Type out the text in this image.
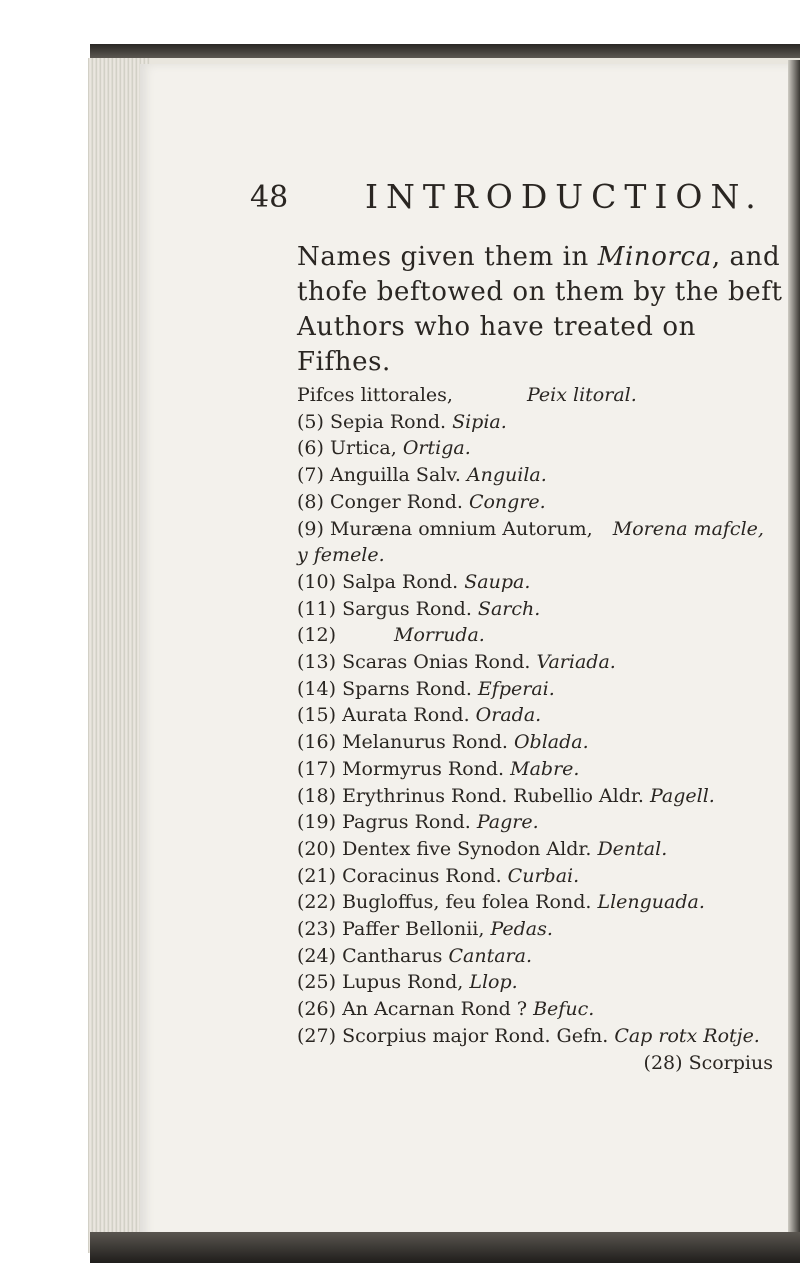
48 INTRODUCTION.
Names given them in Minorca, and thofe beftowed on them by the beft Authors who have treated on Fifhes.
Pifces littorales,	Peix litoral.
(5) Sepia Rond. Sipia.
(6) Urtica, Ortiga.
(7) Anguilla Salv. Anguila.
(8) Conger Rond. Congre.
(9) Muræna omnium Autorum, Morena mafcle,
y femele.
(10) Salpa Rond. Saupa.
(11) Sargus Rond. Sarch.
(12)	Morruda.
(13) Scaras Onias Rond. Variada.
(14) Sparns Rond. Efperai.
(15) Aurata Rond. Orada.
(16) Melanurus Rond. Oblada.
(17) Mormyrus Rond. Mabre.
(18) Erythrinus Rond. Rubellio Aldr. Pagell.
(19) Pagrus Rond. Pagre.
(20) Dentex five Synodon Aldr. Dental.
(21) Coracinus Rond. Curbai.
(22) Bugloffus, feu folea Rond. Llenguada.
(23) Paffer Bellonii, Pedas.
(24) Cantharus Cantara.
(25) Lupus Rond, Llop.
(26) An Acarnan Rond ? Befuc.
(27) Scorpius major Rond. Gefn. Cap rotx Rotje.
(28) Scorpius
